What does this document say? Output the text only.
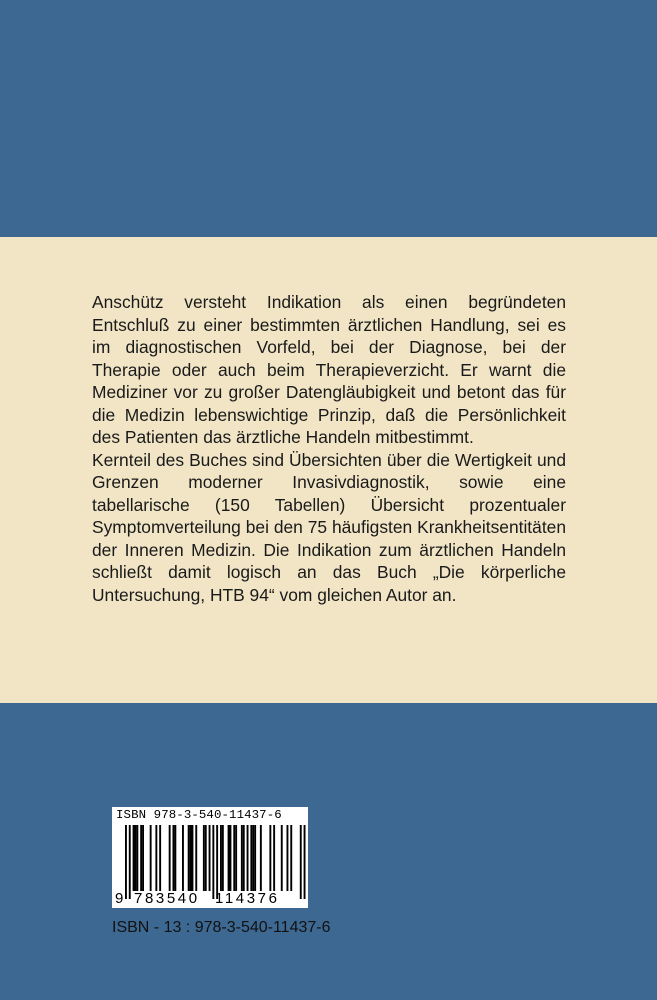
Anschütz versteht Indikation als einen begründeten Entschluß zu einer bestimmten ärztlichen Handlung, sei es im diagnostischen Vorfeld, bei der Diagnose, bei der Therapie oder auch beim Therapieverzicht. Er warnt die Mediziner vor zu großer Datengläubigkeit und betont das für die Medizin lebenswichtige Prinzip, daß die Persönlichkeit des Patienten das ärztliche Handeln mitbestimmt.

Kernteil des Buches sind Übersichten über die Wertigkeit und Grenzen moderner Invasivdiagnostik, sowie eine tabellarische (150 Tabellen) Übersicht prozentualer Symptomverteilung bei den 75 häufigsten Krankheitsentitäten der Inneren Medizin. Die Indikation zum ärztlichen Handeln schließt damit logisch an das Buch „Die körperliche Untersuchung, HTB 94“ vom gleichen Autor an.

ISBN 978-3-540-11437-6
9 783540 114376
ISBN - 13 : 978-3-540-11437-6
